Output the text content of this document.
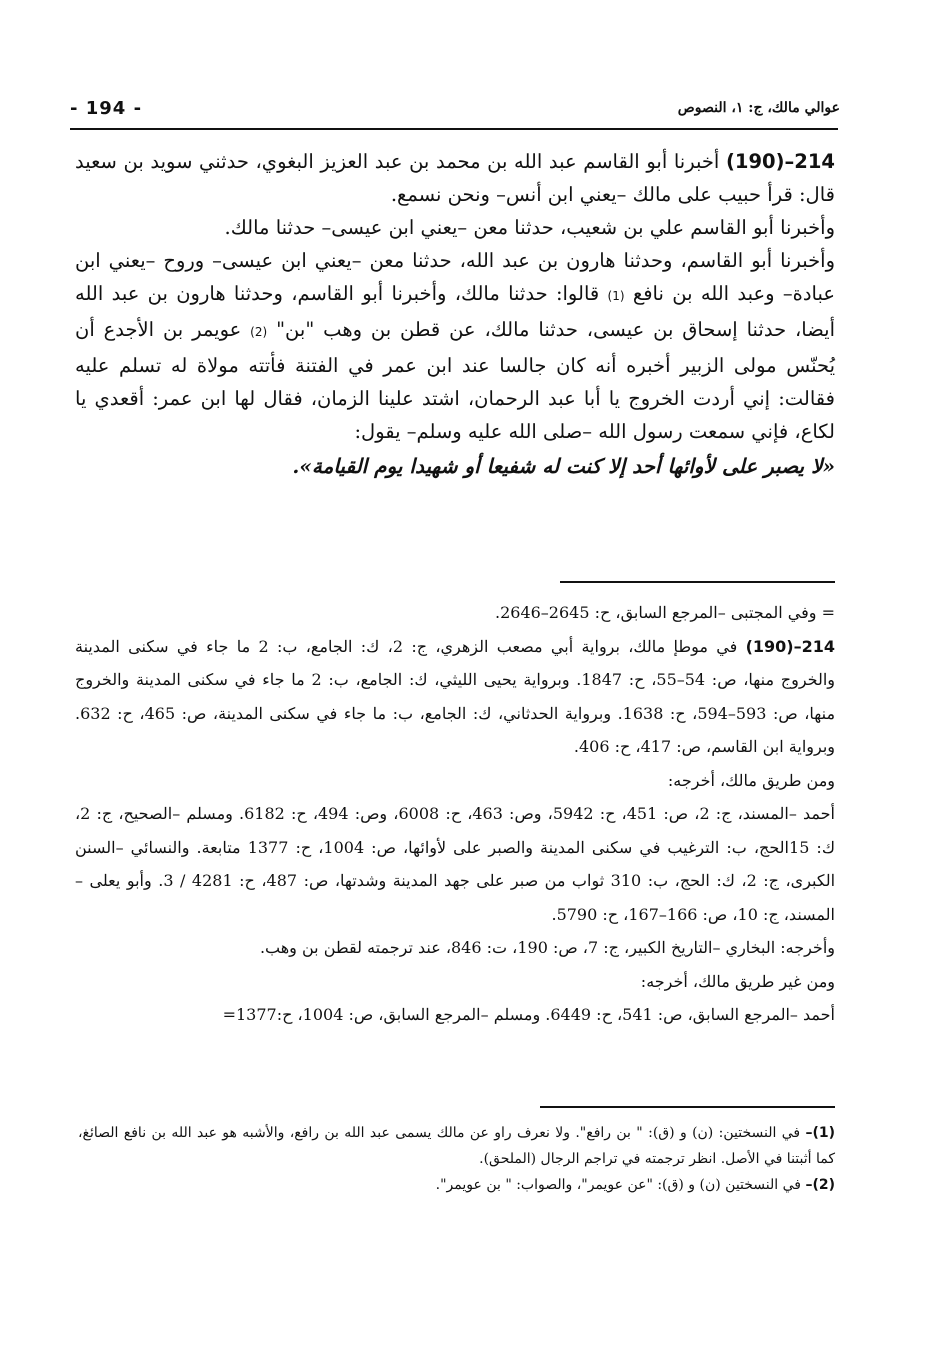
- 194 -	عوالي مالك، ج: ١، النصوص

214–(190) أخبرنا أبو القاسم عبد الله بن محمد بن عبد العزيز البغوي، حدثني سويد بن سعيد قال: قرأ حبيب على مالك –يعني ابن أنس– ونحن نسمع.

وأخبرنا أبو القاسم علي بن شعيب، حدثنا معن –يعني ابن عيسى– حدثنا مالك.

وأخبرنا أبو القاسم، وحدثنا هارون بن عبد الله، حدثنا معن –يعني ابن عيسى– وروح –يعني ابن عبادة– وعبد الله بن نافع (1) قالوا: حدثنا مالك، وأخبرنا أبو القاسم، وحدثنا هارون بن عبد الله أيضا، حدثنا إسحاق بن عيسى، حدثنا مالك، عن قطن بن وهب "بن" (2) عويمر بن الأجدع أن يُحنّس مولى الزبير أخبره أنه كان جالسا عند ابن عمر في الفتنة فأتته مولاة له تسلم عليه فقالت: إني أردت الخروج يا أبا عبد الرحمان، اشتد علينا الزمان، فقال لها ابن عمر: أقعدي يا لكاع، فإني سمعت رسول الله –صلى الله عليه وسلم– يقول:

«لا يصبر على لأوائها أحد إلا كنت له شفيعا أو شهيدا يوم القيامة».

= وفي المجتبى –المرجع السابق، ح: 2645–2646.

214–(190) في موطإ مالك، برواية أبي مصعب الزهري، ج: 2، ك: الجامع، ب: 2 ما جاء في سكنى المدينة والخروج منها، ص: 54–55، ح: 1847. وبرواية يحيى الليثي، ك: الجامع، ب: 2 ما جاء في سكنى المدينة والخروج منها، ص: 593–594، ح: 1638. وبرواية الحدثاني، ك: الجامع، ب: ما جاء في سكنى المدينة، ص: 465، ح: 632. وبرواية ابن القاسم، ص: 417، ح: 406.

ومن طريق مالك، أخرجه:

أحمد –المسند، ج: 2، ص: 451، ح: 5942، وص: 463، ح: 6008، وص: 494، ح: 6182. ومسلم –الصحيح، ج: 2، ك: 15الحج، ب: الترغيب في سكنى المدينة والصبر على لأوائها، ص: 1004، ح: 1377 متابعة. والنسائي –السنن الكبرى، ج: 2، ك: الحج، ب: 310 ثواب من صبر على جهد المدينة وشدتها، ص: 487، ح: 4281 / 3. وأبو يعلى –المسند، ج: 10، ص: 166–167، ح: 5790.

وأخرجه: البخاري –التاريخ الكبير، ج: 7، ص: 190، ت: 846، عند ترجمته لقطن بن وهب.

ومن غير طريق مالك، أخرجه:

أحمد –المرجع السابق، ص: 541، ح: 6449. ومسلم –المرجع السابق، ص: 1004، ح:1377=

(1)– في النسختين: (ن) و (ق): " بن رافع". ولا نعرف راو عن مالك يسمى عبد الله بن رافع، والأشبه هو عبد الله بن نافع الصائغ، كما أثبتنا في الأصل. انظر ترجمته في تراجم الرجال (الملحق).

(2)– في النسختين (ن) و (ق): "عن عويمر"، والصواب: " بن عويمر".
